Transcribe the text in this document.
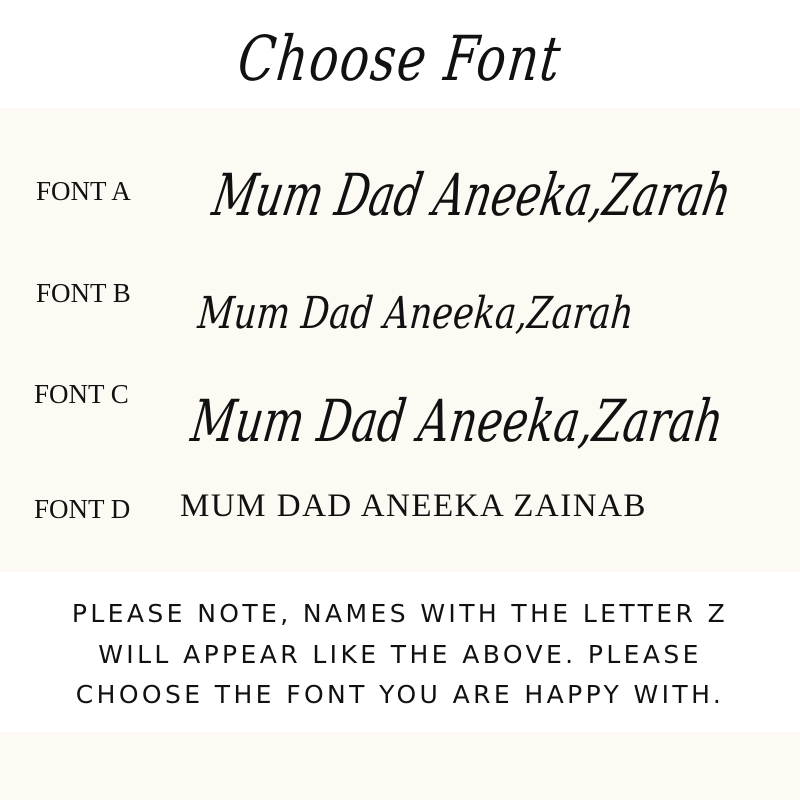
Choose Font
FONT A Mum Dad Aneeka,Zarah
FONT B Mum Dad Aneeka,Zarah
FONT C Mum Dad Aneeka,Zarah
FONT D MUM DAD ANEEKA ZAINAB
PLEASE NOTE, NAMES WITH THE LETTER Z
WILL APPEAR LIKE THE ABOVE. PLEASE
CHOOSE THE FONT YOU ARE HAPPY WITH.
